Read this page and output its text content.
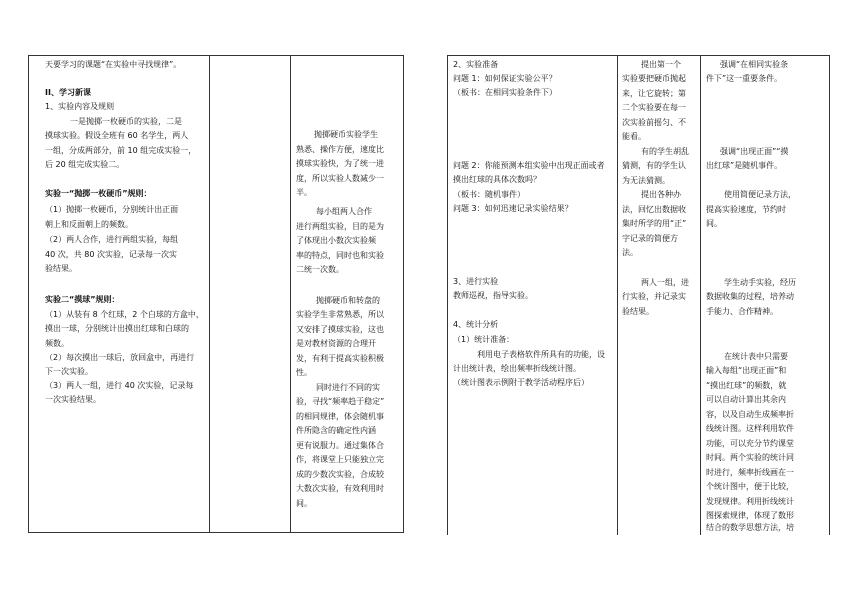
天要学习的课题“在实验中寻找规律”。
II、学习新课
1、实验内容及规则
一是抛掷一枚硬币的实验，二是
摸球实验。假设全班有 60 名学生，两人
一组，分成两部分，前 10 组完成实验一，
后 20 组完成实验二。
实验一“抛掷一枚硬币”规则：
（1）抛掷一枚硬币，分别统计出正面
朝上和反面朝上的频数。
（2）两人合作，进行两组实验，每组
40 次，共 80 次实验，记录每一次实
验结果。
实验二“摸球”规则：
（1）从装有 8 个红球，2 个白球的方盒中，
摸出一球，分别统计出摸出红球和白球的
频数。
（2）每次摸出一球后，放回盒中，再进行
下一次实验。
（3）两人一组，进行 40 次实验，记录每
一次实验结果。
抛掷硬币实验学生
熟悉、操作方便，速度比
摸球实验快，为了统一进
度，所以实验人数减少一
半。
每小组两人合作
进行两组实验，目的是为
了体现出小数次实验频
率的特点，同时也和实验
二统一次数。
抛掷硬币和转盘的
实验学生非常熟悉，所以
又安排了摸球实验，这也
是对教材资源的合理开
发，有利于提高实验积极
性。
同时进行不同的实
验，寻找“频率趋于稳定”
的相同规律，体会随机事
件所隐含的确定性内涵
更有说服力。通过集体合
作，将课堂上只能独立完
成的少数次实验，合成较
大数次实验，有效利用时
间。
2、实验准备
问题 1：如何保证实验公平？
（板书：在相同实验条件下）
问题 2：你能预测本组实验中出现正面或者
摸出红球的具体次数吗？
（板书：随机事件）
问题 3：如何迅速记录实验结果？
3、进行实验
教师巡视，指导实验。
4、统计分析
（1）统计准备：
利用电子表格软件所具有的功能，设
计出统计表，绘出频率折线统计图。
（统计图表示例附于教学活动程序后）
提出第一个
实验要把硬币抛起
来，让它旋转；第
二个实验要在每一
次实验前摇匀、不
能看。
有的学生胡乱
猜测，有的学生认
为无法猜测。
提出各种办
法，回忆出数据收
集时所学的用“正”
字记录的简便方
法。
两人一组，进
行实验，并记录实
验结果。
强调“在相同实验条
件下”这一重要条件。
强调“出现正面”“摸
出红球”是随机事件。
使用简便记录方法，
提高实验速度，节约时
间。
学生动手实验，经历
数据收集的过程，培养动
手能力、合作精神。
在统计表中只需要
输入每组“出现正面”和
“摸出红球”的频数，就
可以自动计算出其余内
容，以及自动生成频率折
线统计图。这样利用软件
功能，可以充分节约课堂
时间。两个实验的统计同
时进行，频率折线画在一
个统计图中，便于比较，
发现规律。利用折线统计
图探索规律，体现了数形
结合的数学思想方法，培
